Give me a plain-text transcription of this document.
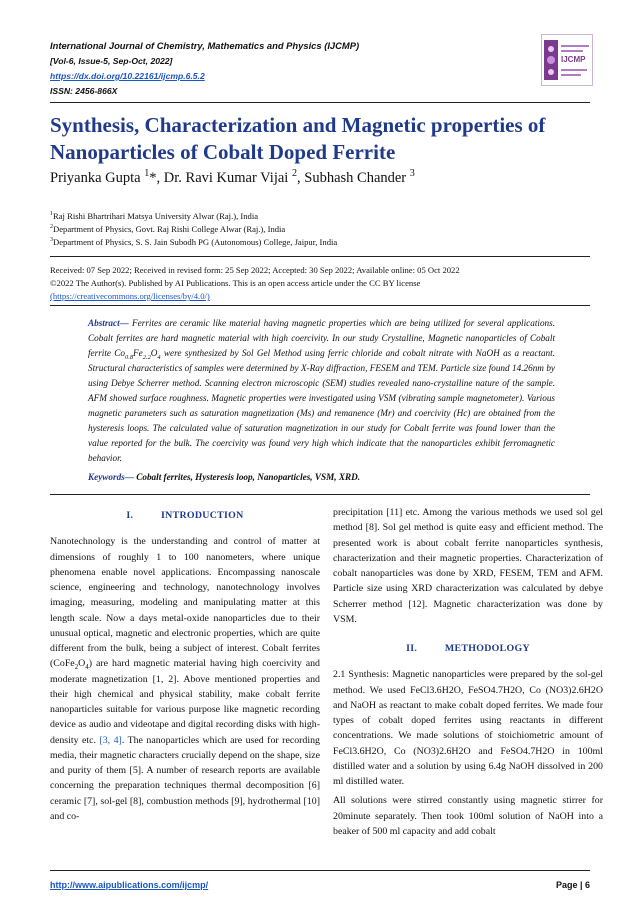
International Journal of Chemistry, Mathematics and Physics (IJCMP)
[Vol-6, Issue-5, Sep-Oct, 2022]
https://dx.doi.org/10.22161/ijcmp.6.5.2
ISSN: 2456-866X
IJCMP
Synthesis, Characterization and Magnetic properties of Nanoparticles of Cobalt Doped Ferrite
Priyanka Gupta $^1$*, Dr. Ravi Kumar Vijai $^2$, Subhash Chander $^3$
$^1$Raj Rishi Bhartrihari Matsya University Alwar (Raj.), India
$^2$Department of Physics, Govt. Raj Rishi College Alwar (Raj.), India
$^3$Department of Physics, S. S. Jain Subodh PG (Autonomous) College, Jaipur, India
Received: 07 Sep 2022; Received in revised form: 25 Sep 2022; Accepted: 30 Sep 2022; Available online: 05 Oct 2022
©2022 The Author(s). Published by AI Publications. This is an open access article under the CC BY license
(https://creativecommons.org/licenses/by/4.0/)
Abstract— Ferrites are ceramic like material having magnetic properties which are being utilized for several applications. Cobalt ferrites are hard magnetic material with high coercivity. In our study Crystalline, Magnetic nanoparticles of Cobalt ferrite $Co_{0.8}Fe_{2.2}O_4$ were synthesized by Sol Gel Method using ferric chloride and cobalt nitrate with NaOH as a reactant. Structural characteristics of samples were determined by X-Ray diffraction, FESEM and TEM. Particle size found 14.26nm by using Debye Scherrer method. Scanning electron microscopic (SEM) studies revealed nano-crystalline nature of the sample. AFM showed surface roughness. Magnetic properties were investigated using VSM (vibrating sample magnetometer). Various magnetic parameters such as saturation magnetization (Ms) and remanence (Mr) and coercivity (Hc) are obtained from the hysteresis loops. The calculated value of saturation magnetization in our study for Cobalt ferrite was found lower than the value reported for the bulk. The coercivity was found very high which indicate that the nanoparticles exhibit ferromagnetic behavior.
Keywords— Cobalt ferrites, Hysteresis loop, Nanoparticles, VSM, XRD.
I.          INTRODUCTION

Nanotechnology is the understanding and control of matter at dimensions of roughly 1 to 100 nanometers, where unique phenomena enable novel applications. Encompassing nanoscale science, engineering and technology, nanotechnology involves imaging, measuring, modeling and manipulating matter at this length scale. Now a days metal-oxide nanoparticles due to their unusual optical, magnetic and electronic properties, which are quite different from the bulk, being a subject of interest. Cobalt ferrites $(CoFe_2O_4)$ are hard magnetic material having high coercivity and moderate magnetization [1, 2]. Above mentioned properties and their high chemical and physical stability, make cobalt ferrite nanoparticles suitable for various purpose like magnetic recording device as audio and videotape and digital recording disks with high-density etc. [3, 4]. The nanoparticles which are used for recording media, their magnetic characters crucially depend on the shape, size and purity of them [5]. A number of research reports are available concerning the preparation techniques thermal decomposition [6] ceramic [7], sol-gel [8], combustion methods [9], hydrothermal [10] and co-

precipitation [11] etc. Among the various methods we used sol gel method [8]. Sol gel method is quite easy and efficient method. The presented work is about cobalt ferrite nanoparticles synthesis, characterization and their magnetic properties. Characterization of cobalt nanoparticles was done by XRD, FESEM, TEM and AFM. Particle size using XRD characterization was calculated by debye Scherrer method [12]. Magnetic characterization was done by VSM.

II.          METHODOLOGY

2.1 Synthesis: Magnetic nanoparticles were prepared by the sol-gel method. We used FeCl3.6H2O, FeSO4.7H2O, Co (NO3)2.6H2O and NaOH as reactant to make cobalt doped ferrites. We made four types of cobalt doped ferrites using reactants in different concentrations. We made solutions of stoichiometric amount of FeCl3.6H2O, Co (NO3)2.6H2O and FeSO4.7H2O in 100ml distilled water and a solution by using 6.4g NaOH dissolved in 200 ml distilled water.

All solutions were stirred constantly using magnetic stirrer for 20minute separately. Then took 100ml solution of NaOH into a beaker of 500 ml capacity and add cobalt

http://www.aipublications.com/ijcmp/	Page | 6
